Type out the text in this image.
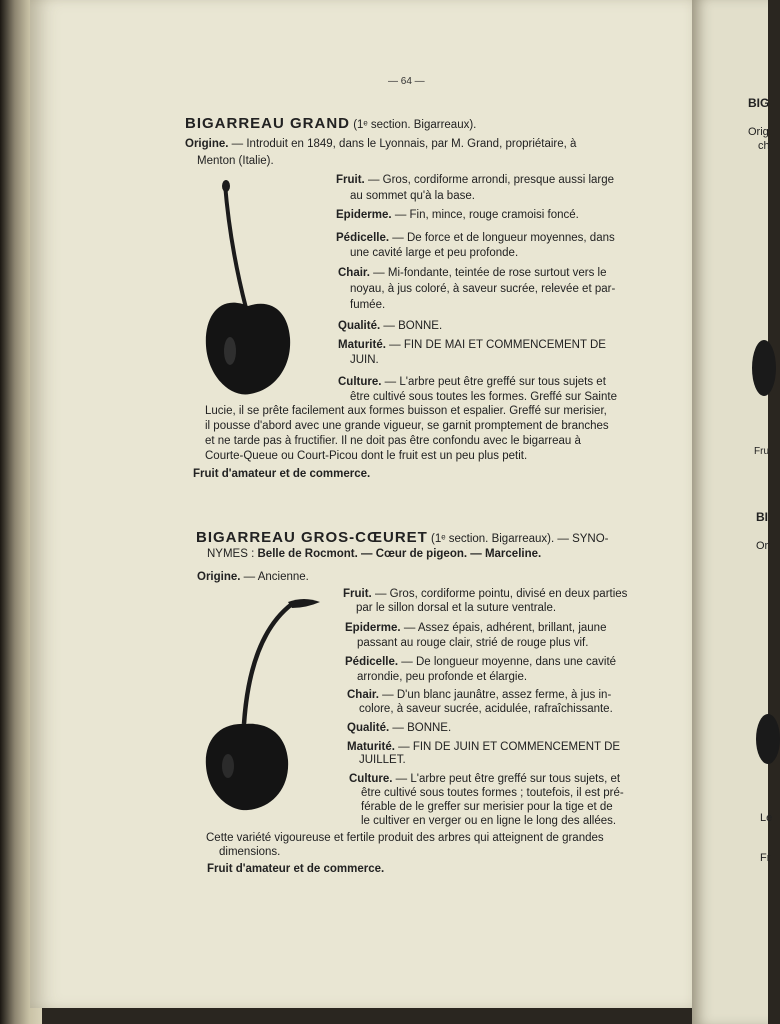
BIG
Orig
ch
Fru
BI
Or
Le
Fr
— 64 —
BIGARREAU GRAND (1ᵉ section. Bigarreaux).
Origine. — Introduit en 1849, dans le Lyonnais, par M. Grand, propriétaire, à
Menton (Italie).
Fruit. — Gros, cordiforme arrondi, presque aussi large
au sommet qu'à la base.
Epiderme. — Fin, mince, rouge cramoisi foncé.
Pédicelle. — De force et de longueur moyennes, dans
une cavité large et peu profonde.
Chair. — Mi-fondante, teintée de rose surtout vers le
noyau, à jus coloré, à saveur sucrée, relevée et par-
fumée.
Qualité. — BONNE.
Maturité. — FIN DE MAI ET COMMENCEMENT DE
JUIN.
Culture. — L'arbre peut être greffé sur tous sujets et
être cultivé sous toutes les formes. Greffé sur Sainte
Lucie, il se prête facilement aux formes buisson et espalier. Greffé sur merisier,
il pousse d'abord avec une grande vigueur, se garnit promptement de branches
et ne tarde pas à fructifier. Il ne doit pas être confondu avec le bigarreau à
Courte-Queue ou Court-Picou dont le fruit est un peu plus petit.
Fruit d'amateur et de commerce.
BIGARREAU GROS-CŒURET (1ᵉ section. Bigarreaux). — SYNO-
NYMES : Belle de Rocmont. — Cœur de pigeon. — Marceline.
Origine. — Ancienne.
Fruit. — Gros, cordiforme pointu, divisé en deux parties
par le sillon dorsal et la suture ventrale.
Epiderme. — Assez épais, adhérent, brillant, jaune
passant au rouge clair, strié de rouge plus vif.
Pédicelle. — De longueur moyenne, dans une cavité
arrondie, peu profonde et élargie.
Chair. — D'un blanc jaunâtre, assez ferme, à jus in-
colore, à saveur sucrée, acidulée, rafraîchissante.
Qualité. — BONNE.
Maturité. — FIN DE JUIN ET COMMENCEMENT DE
JUILLET.
Culture. — L'arbre peut être greffé sur tous sujets, et
être cultivé sous toutes formes ; toutefois, il est pré-
férable de le greffer sur merisier pour la tige et de
le cultiver en verger ou en ligne le long des allées.
Cette variété vigoureuse et fertile produit des arbres qui atteignent de grandes
dimensions.
Fruit d'amateur et de commerce.
